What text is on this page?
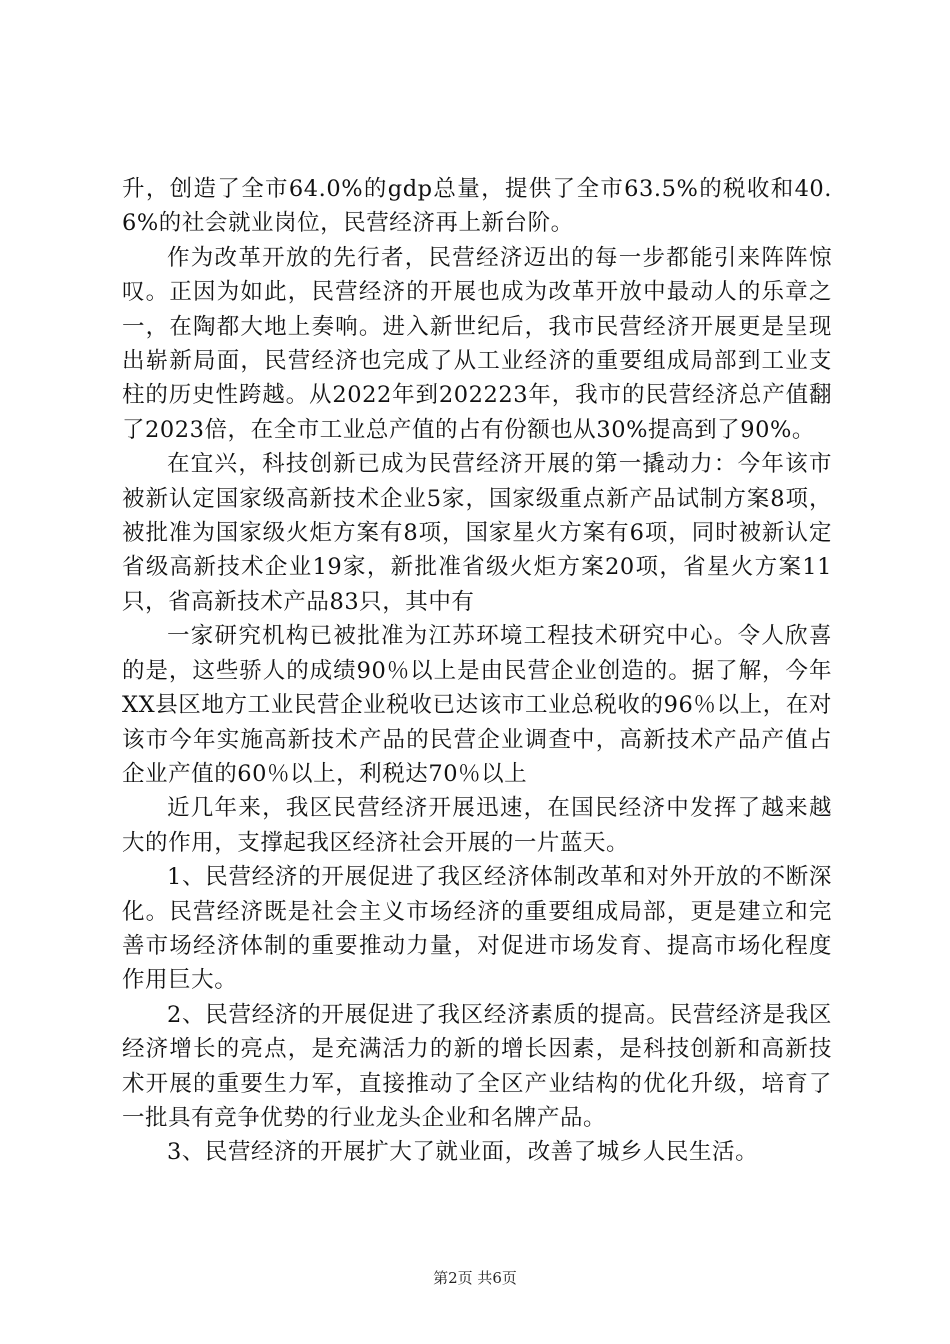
升，创造了全市64.0%的gdp总量，提供了全市63.5%的税收和40.6%的社会就业岗位，民营经济再上新台阶。

作为改革开放的先行者，民营经济迈出的每一步都能引来阵阵惊叹。正因为如此，民营经济的开展也成为改革开放中最动人的乐章之一，在陶都大地上奏响。进入新世纪后，我市民营经济开展更是呈现出崭新局面，民营经济也完成了从工业经济的重要组成局部到工业支柱的历史性跨越。从2022年到202223年，我市的民营经济总产值翻了2023倍，在全市工业总产值的占有份额也从30%提高到了90%。

在宜兴，科技创新已成为民营经济开展的第一撬动力：今年该市被新认定国家级高新技术企业5家，国家级重点新产品试制方案8项，被批准为国家级火炬方案有8项，国家星火方案有6项，同时被新认定省级高新技术企业19家，新批准省级火炬方案20项，省星火方案11只，省高新技术产品83只，其中有

一家研究机构已被批准为江苏环境工程技术研究中心。令人欣喜的是，这些骄人的成绩90％以上是由民营企业创造的。据了解，今年XX县区地方工业民营企业税收已达该市工业总税收的96％以上，在对该市今年实施高新技术产品的民营企业调查中，高新技术产品产值占企业产值的60％以上，利税达70％以上

近几年来，我区民营经济开展迅速，在国民经济中发挥了越来越大的作用，支撑起我区经济社会开展的一片蓝天。

1、民营经济的开展促进了我区经济体制改革和对外开放的不断深化。民营经济既是社会主义市场经济的重要组成局部，更是建立和完善市场经济体制的重要推动力量，对促进市场发育、提高市场化程度作用巨大。

2、民营经济的开展促进了我区经济素质的提高。民营经济是我区经济增长的亮点，是充满活力的新的增长因素，是科技创新和高新技术开展的重要生力军，直接推动了全区产业结构的优化升级，培育了一批具有竞争优势的行业龙头企业和名牌产品。

3、民营经济的开展扩大了就业面，改善了城乡人民生活。

第2页 共6页
